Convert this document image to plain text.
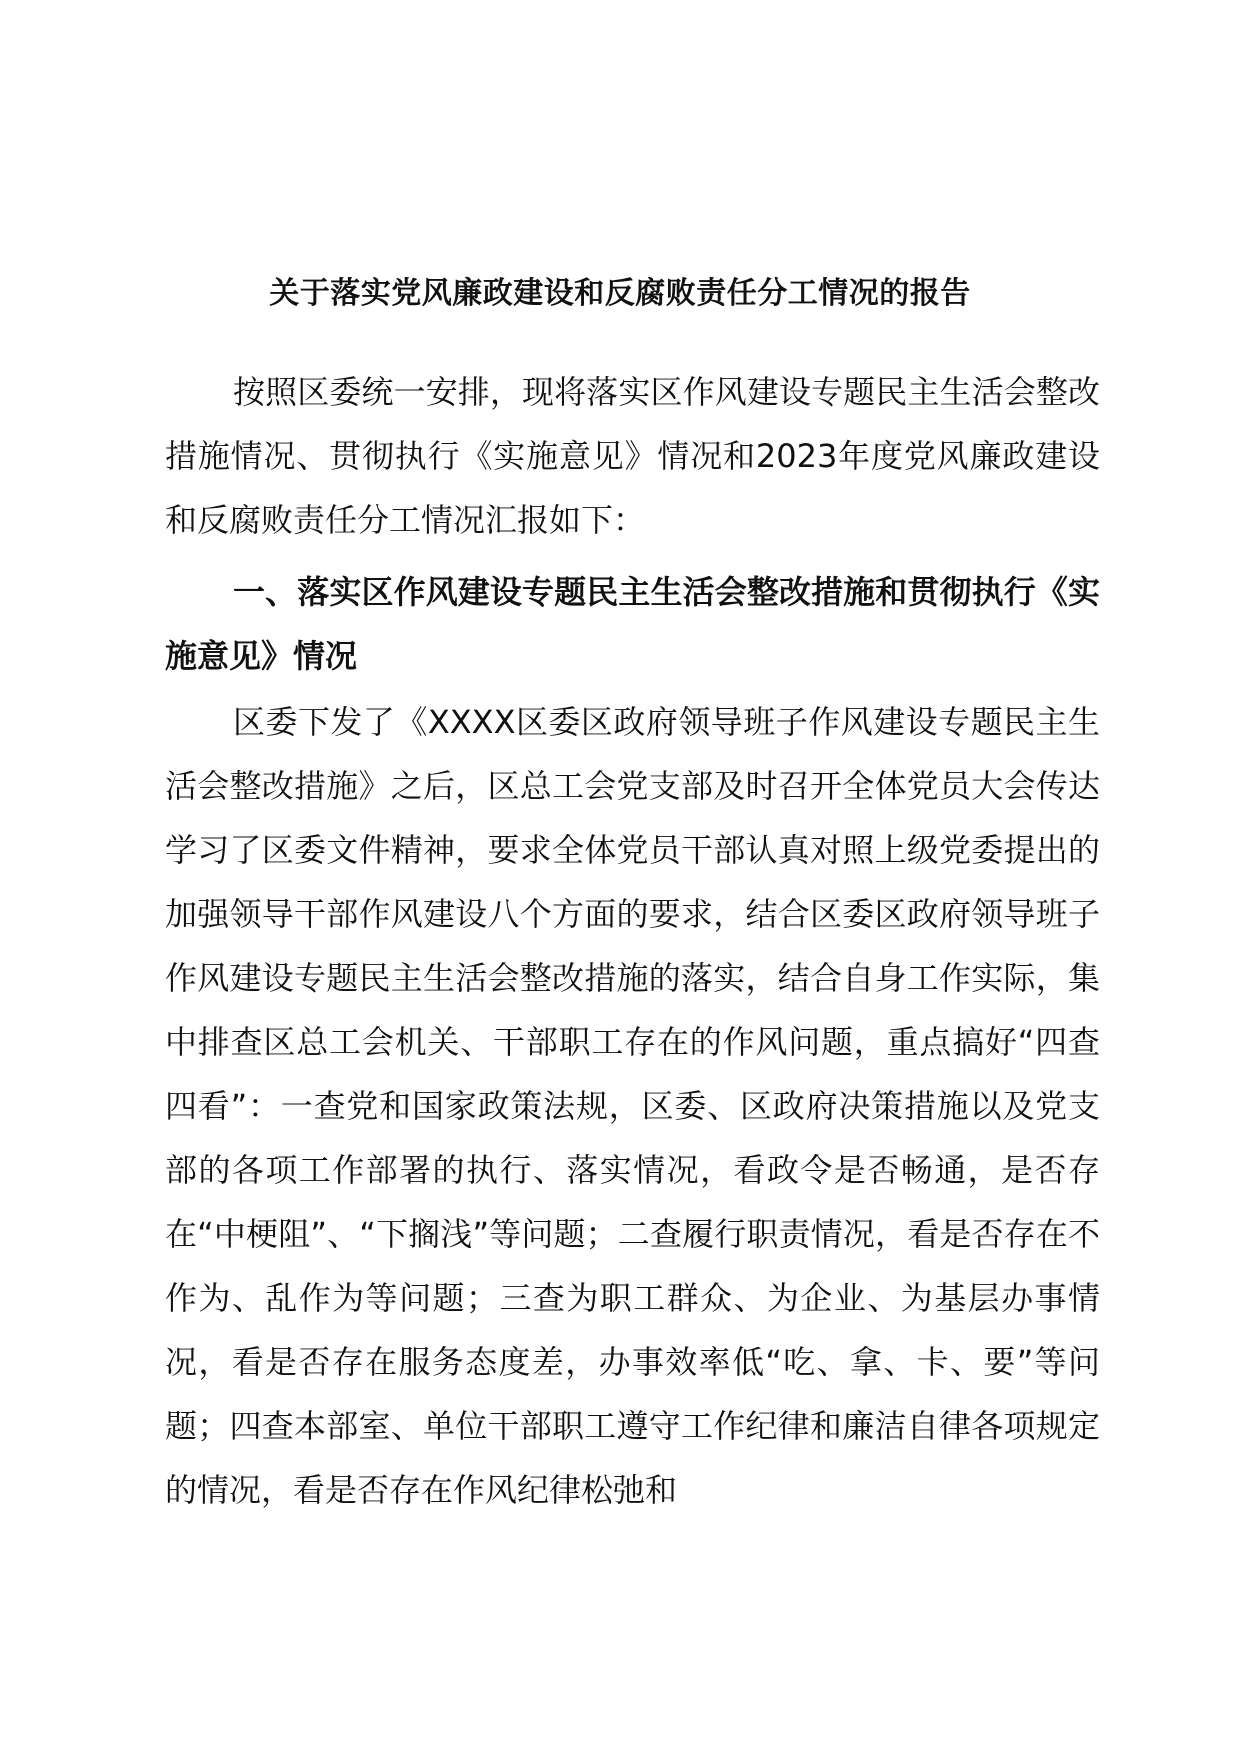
关于落实党风廉政建设和反腐败责任分工情况的报告

按照区委统一安排，现将落实区作风建设专题民主生活会整改措施情况、贯彻执行《实施意见》情况和2023年度党风廉政建设和反腐败责任分工情况汇报如下：

一、落实区作风建设专题民主生活会整改措施和贯彻执行《实施意见》情况

区委下发了《XXXX区委区政府领导班子作风建设专题民主生活会整改措施》之后，区总工会党支部及时召开全体党员大会传达学习了区委文件精神，要求全体党员干部认真对照上级党委提出的加强领导干部作风建设八个方面的要求，结合区委区政府领导班子作风建设专题民主生活会整改措施的落实，结合自身工作实际，集中排查区总工会机关、干部职工存在的作风问题，重点搞好“四查四看”：一查党和国家政策法规，区委、区政府决策措施以及党支部的各项工作部署的执行、落实情况，看政令是否畅通，是否存在“中梗阻”、“下搁浅”等问题；二查履行职责情况，看是否存在不作为、乱作为等问题；三查为职工群众、为企业、为基层办事情况，看是否存在服务态度差，办事效率低“吃、拿、卡、要”等问题；四查本部室、单位干部职工遵守工作纪律和廉洁自律各项规定的情况，看是否存在作风纪律松弛和
